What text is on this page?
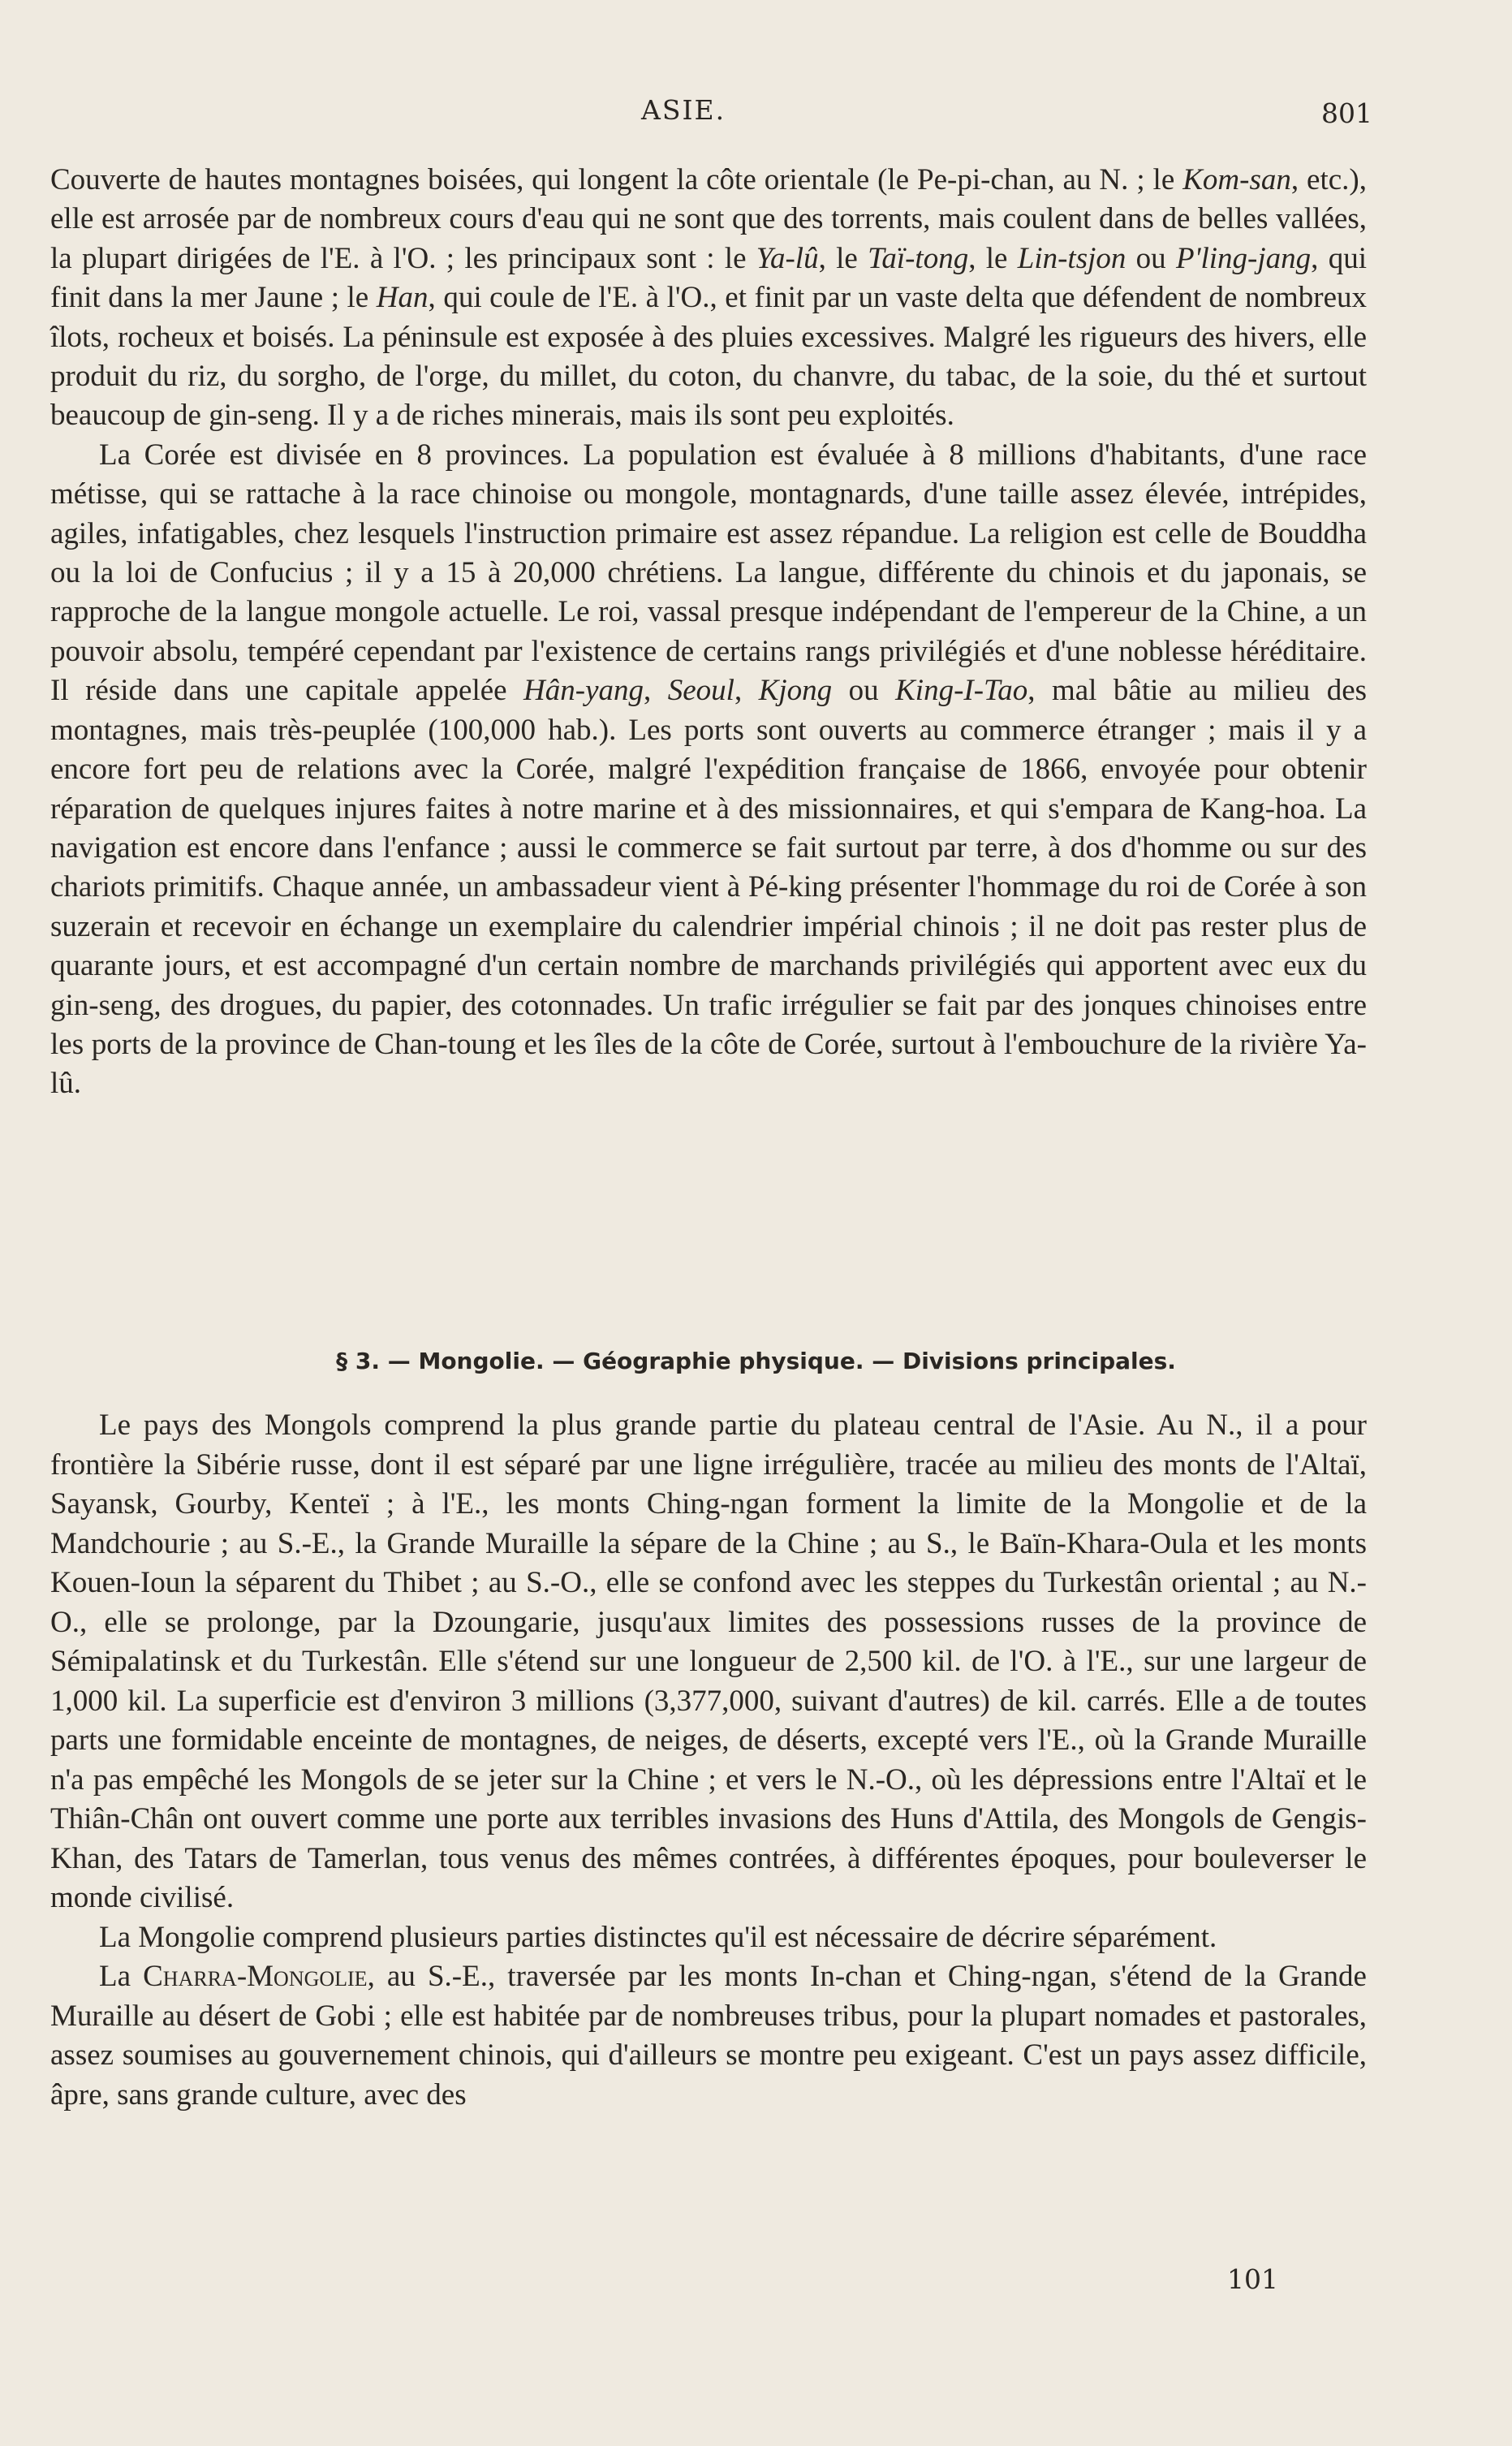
ASIE.	801

Couverte de hautes montagnes boisées, qui longent la côte orientale (le Pe-pi-chan, au N. ; le Kom-san, etc.), elle est arrosée par de nombreux cours d'eau qui ne sont que des torrents, mais coulent dans de belles vallées, la plupart dirigées de l'E. à l'O. ; les principaux sont : le Ya-lû, le Taï-tong, le Lin-tsjon ou P'ling-jang, qui finit dans la mer Jaune ; le Han, qui coule de l'E. à l'O., et finit par un vaste delta que défendent de nombreux îlots, rocheux et boisés. La péninsule est exposée à des pluies excessives. Malgré les rigueurs des hivers, elle produit du riz, du sorgho, de l'orge, du millet, du coton, du chanvre, du tabac, de la soie, du thé et surtout beaucoup de gin-seng. Il y a de riches minerais, mais ils sont peu exploités.

La Corée est divisée en 8 provinces. La population est évaluée à 8 millions d'habitants, d'une race métisse, qui se rattache à la race chinoise ou mongole, montagnards, d'une taille assez élevée, intrépides, agiles, infatigables, chez lesquels l'instruction primaire est assez répandue. La religion est celle de Bouddha ou la loi de Confucius ; il y a 15 à 20,000 chrétiens. La langue, différente du chinois et du japonais, se rapproche de la langue mongole actuelle. Le roi, vassal presque indépendant de l'empereur de la Chine, a un pouvoir absolu, tempéré cependant par l'existence de certains rangs privilégiés et d'une noblesse héréditaire. Il réside dans une capitale appelée Hân-yang, Seoul, Kjong ou King-I-Tao, mal bâtie au milieu des montagnes, mais très-peuplée (100,000 hab.). Les ports sont ouverts au commerce étranger ; mais il y a encore fort peu de relations avec la Corée, malgré l'expédition française de 1866, envoyée pour obtenir réparation de quelques injures faites à notre marine et à des missionnaires, et qui s'empara de Kang-hoa. La navigation est encore dans l'enfance ; aussi le commerce se fait surtout par terre, à dos d'homme ou sur des chariots primitifs. Chaque année, un ambassadeur vient à Pé-king présenter l'hommage du roi de Corée à son suzerain et recevoir en échange un exemplaire du calendrier impérial chinois ; il ne doit pas rester plus de quarante jours, et est accompagné d'un certain nombre de marchands privilégiés qui apportent avec eux du gin-seng, des drogues, du papier, des cotonnades. Un trafic irrégulier se fait par des jonques chinoises entre les ports de la province de Chan-toung et les îles de la côte de Corée, surtout à l'embouchure de la rivière Ya-lû.

§ 3. — Mongolie. — Géographie physique. — Divisions principales.

Le pays des Mongols comprend la plus grande partie du plateau central de l'Asie. Au N., il a pour frontière la Sibérie russe, dont il est séparé par une ligne irrégulière, tracée au milieu des monts de l'Altaï, Sayansk, Gourby, Kenteï ; à l'E., les monts Ching-ngan forment la limite de la Mongolie et de la Mandchourie ; au S.-E., la Grande Muraille la sépare de la Chine ; au S., le Baïn-Khara-Oula et les monts Kouen-Ioun la séparent du Thibet ; au S.-O., elle se confond avec les steppes du Turkestân oriental ; au N.-O., elle se prolonge, par la Dzoungarie, jusqu'aux limites des possessions russes de la province de Sémipalatinsk et du Turkestân. Elle s'étend sur une longueur de 2,500 kil. de l'O. à l'E., sur une largeur de 1,000 kil. La superficie est d'environ 3 millions (3,377,000, suivant d'autres) de kil. carrés. Elle a de toutes parts une formidable enceinte de montagnes, de neiges, de déserts, excepté vers l'E., où la Grande Muraille n'a pas empêché les Mongols de se jeter sur la Chine ; et vers le N.-O., où les dépressions entre l'Altaï et le Thiân-Chân ont ouvert comme une porte aux terribles invasions des Huns d'Attila, des Mongols de Gengis-Khan, des Tatars de Tamerlan, tous venus des mêmes contrées, à différentes époques, pour bouleverser le monde civilisé.

La Mongolie comprend plusieurs parties distinctes qu'il est nécessaire de décrire séparément.

La Charra-Mongolie, au S.-E., traversée par les monts In-chan et Ching-ngan, s'étend de la Grande Muraille au désert de Gobi ; elle est habitée par de nombreuses tribus, pour la plupart nomades et pastorales, assez soumises au gouvernement chinois, qui d'ailleurs se montre peu exigeant. C'est un pays assez difficile, âpre, sans grande culture, avec des

101
